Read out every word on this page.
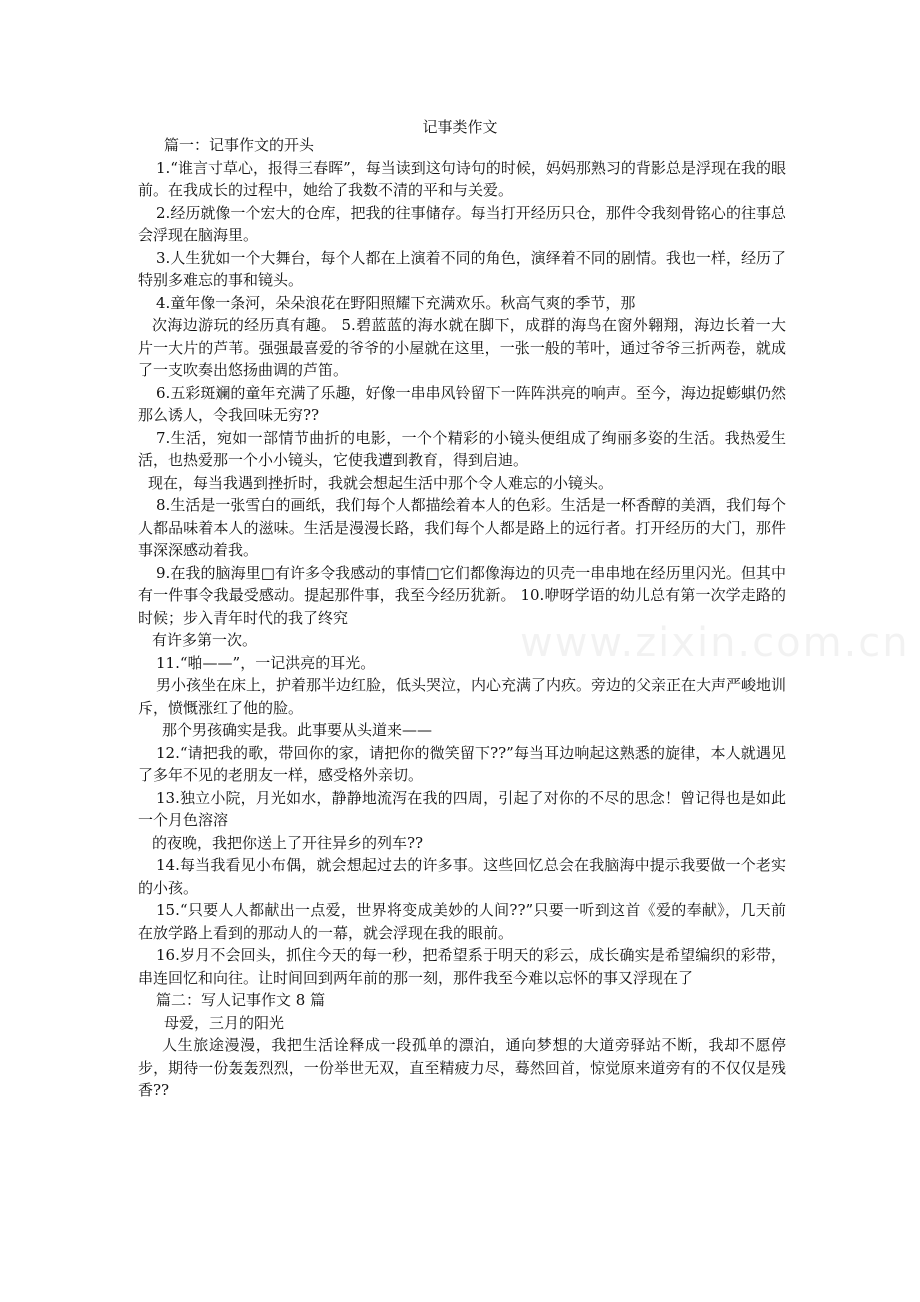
www.zixin.com.cn
记事类作文

篇一：记事作文的开头

1.“谁言寸草心，报得三春晖”，每当读到这句诗句的时候，妈妈那熟习的背影总是浮现在我的眼前。在我成长的过程中，她给了我数不清的平和与关爱。

2.经历就像一个宏大的仓库，把我的往事储存。每当打开经历只仓，那件令我刻骨铭心的往事总会浮现在脑海里。

3.人生犹如一个大舞台，每个人都在上演着不同的角色，演绎着不同的剧情。我也一样，经历了特别多难忘的事和镜头。

4.童年像一条河，朵朵浪花在野阳照耀下充满欢乐。秋高气爽的季节，那

次海边游玩的经历真有趣。 5.碧蓝蓝的海水就在脚下，成群的海鸟在窗外翱翔，海边长着一大片一大片的芦苇。强强最喜爱的爷爷的小屋就在这里，一张一般的苇叶，通过爷爷三折两卷，就成了一支吹奏出悠扬曲调的芦笛。

6.五彩斑斓的童年充满了乐趣，好像一串串风铃留下一阵阵洪亮的响声。至今，海边捉蟛蜞仍然那么诱人，令我回味无穷??

7.生活，宛如一部情节曲折的电影，一个个精彩的小镜头便组成了绚丽多姿的生活。我热爱生活，也热爱那一个小小镜头，它使我遭到教育，得到启迪。

现在，每当我遇到挫折时，我就会想起生活中那个令人难忘的小镜头。

8.生活是一张雪白的画纸，我们每个人都描绘着本人的色彩。生活是一杯香醇的美酒，我们每个人都品味着本人的滋味。生活是漫漫长路，我们每个人都是路上的远行者。打开经历的大门，那件事深深感动着我。

9.在我的脑海里□有许多令我感动的事情□它们都像海边的贝壳一串串地在经历里闪光。但其中有一件事令我最受感动。提起那件事，我至今经历犹新。 10.咿呀学语的幼儿总有第一次学走路的时候；步入青年时代的我了终究

有许多第一次。

11.“啪——”，一记洪亮的耳光。

男小孩坐在床上，护着那半边红脸，低头哭泣，内心充满了内疚。旁边的父亲正在大声严峻地训斥，愤慨涨红了他的脸。

那个男孩确实是我。此事要从头道来——

12.“请把我的歌，带回你的家，请把你的微笑留下??”每当耳边响起这熟悉的旋律，本人就遇见了多年不见的老朋友一样，感受格外亲切。

13.独立小院，月光如水，静静地流泻在我的四周，引起了对你的不尽的思念！曾记得也是如此一个月色溶溶

的夜晚，我把你送上了开往异乡的列车??

14.每当我看见小布偶，就会想起过去的许多事。这些回忆总会在我脑海中提示我要做一个老实的小孩。

15.“只要人人都献出一点爱，世界将变成美妙的人间??”只要一听到这首《爱的奉献》，几天前在放学路上看到的那动人的一幕，就会浮现在我的眼前。

16.岁月不会回头，抓住今天的每一秒，把希望系于明天的彩云，成长确实是希望编织的彩带，串连回忆和向往。让时间回到两年前的那一刻，那件我至今难以忘怀的事又浮现在了

篇二：写人记事作文 8 篇

母爱，三月的阳光

人生旅途漫漫，我把生活诠释成一段孤单的漂泊，通向梦想的大道旁驿站不断，我却不愿停步，期待一份轰轰烈烈，一份举世无双，直至精疲力尽，蓦然回首，惊觉原来道旁有的不仅仅是残香??
